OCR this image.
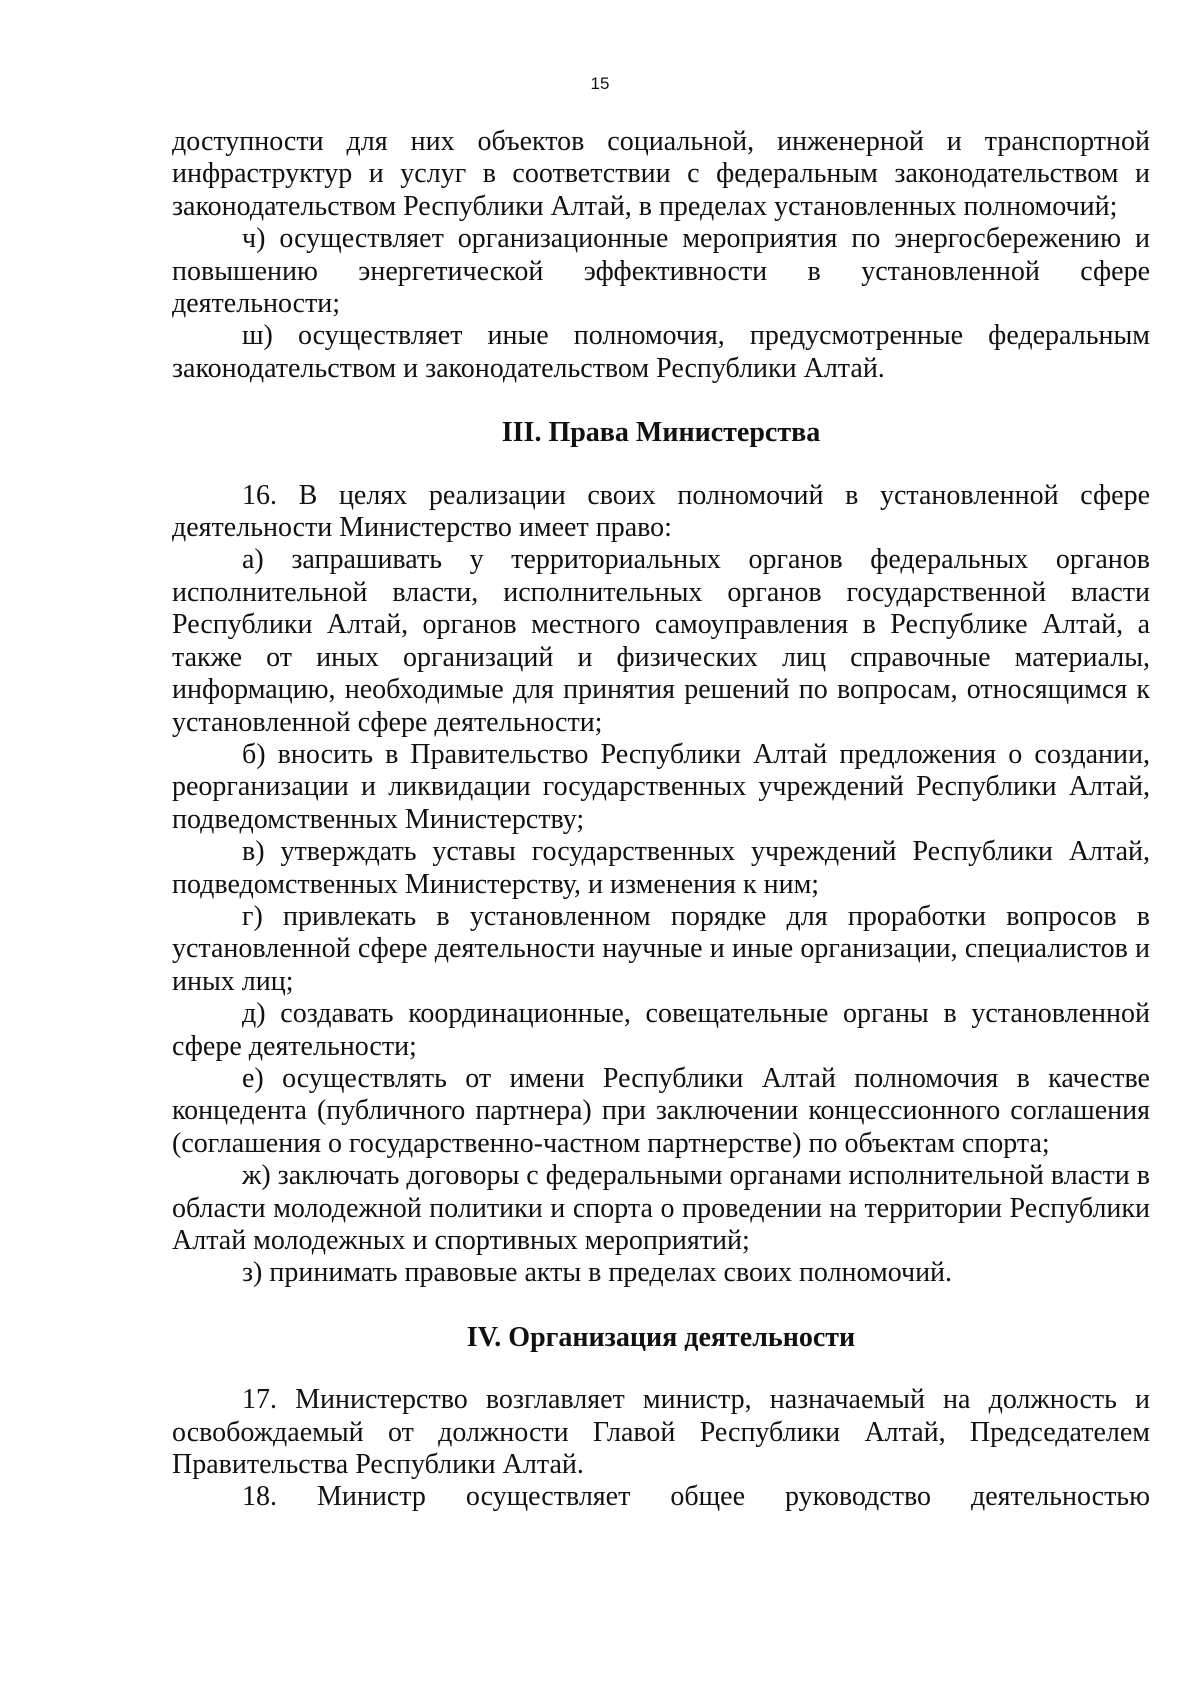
15

доступности для них объектов социальной, инженерной и транспортной инфраструктур и услуг в соответствии с федеральным законодательством и законодательством Республики Алтай, в пределах установленных полномочий;

ч) осуществляет организационные мероприятия по энергосбережению и повышению энергетической эффективности в установленной сфере деятельности;

ш) осуществляет иные полномочия, предусмотренные федеральным законодательством и законодательством Республики Алтай.

III. Права Министерства

16. В целях реализации своих полномочий в установленной сфере деятельности Министерство имеет право:

а) запрашивать у территориальных органов федеральных органов исполнительной власти, исполнительных органов государственной власти Республики Алтай, органов местного самоуправления в Республике Алтай, а также от иных организаций и физических лиц справочные материалы, информацию, необходимые для принятия решений по вопросам, относящимся к установленной сфере деятельности;

б) вносить в Правительство Республики Алтай предложения о создании, реорганизации и ликвидации государственных учреждений Республики Алтай, подведомственных Министерству;

в) утверждать уставы государственных учреждений Республики Алтай, подведомственных Министерству, и изменения к ним;

г) привлекать в установленном порядке для проработки вопросов в установленной сфере деятельности научные и иные организации, специалистов и иных лиц;

д) создавать координационные, совещательные органы в установленной сфере деятельности;

е) осуществлять от имени Республики Алтай полномочия в качестве концедента (публичного партнера) при заключении концессионного соглашения (соглашения о государственно-частном партнерстве) по объектам спорта;

ж) заключать договоры с федеральными органами исполнительной власти в области молодежной политики и спорта о проведении на территории Республики Алтай молодежных и спортивных мероприятий;

з) принимать правовые акты в пределах своих полномочий.

IV. Организация деятельности

17. Министерство возглавляет министр, назначаемый на должность и освобождаемый от должности Главой Республики Алтай, Председателем Правительства Республики Алтай.

18. Министр осуществляет общее руководство деятельностью
